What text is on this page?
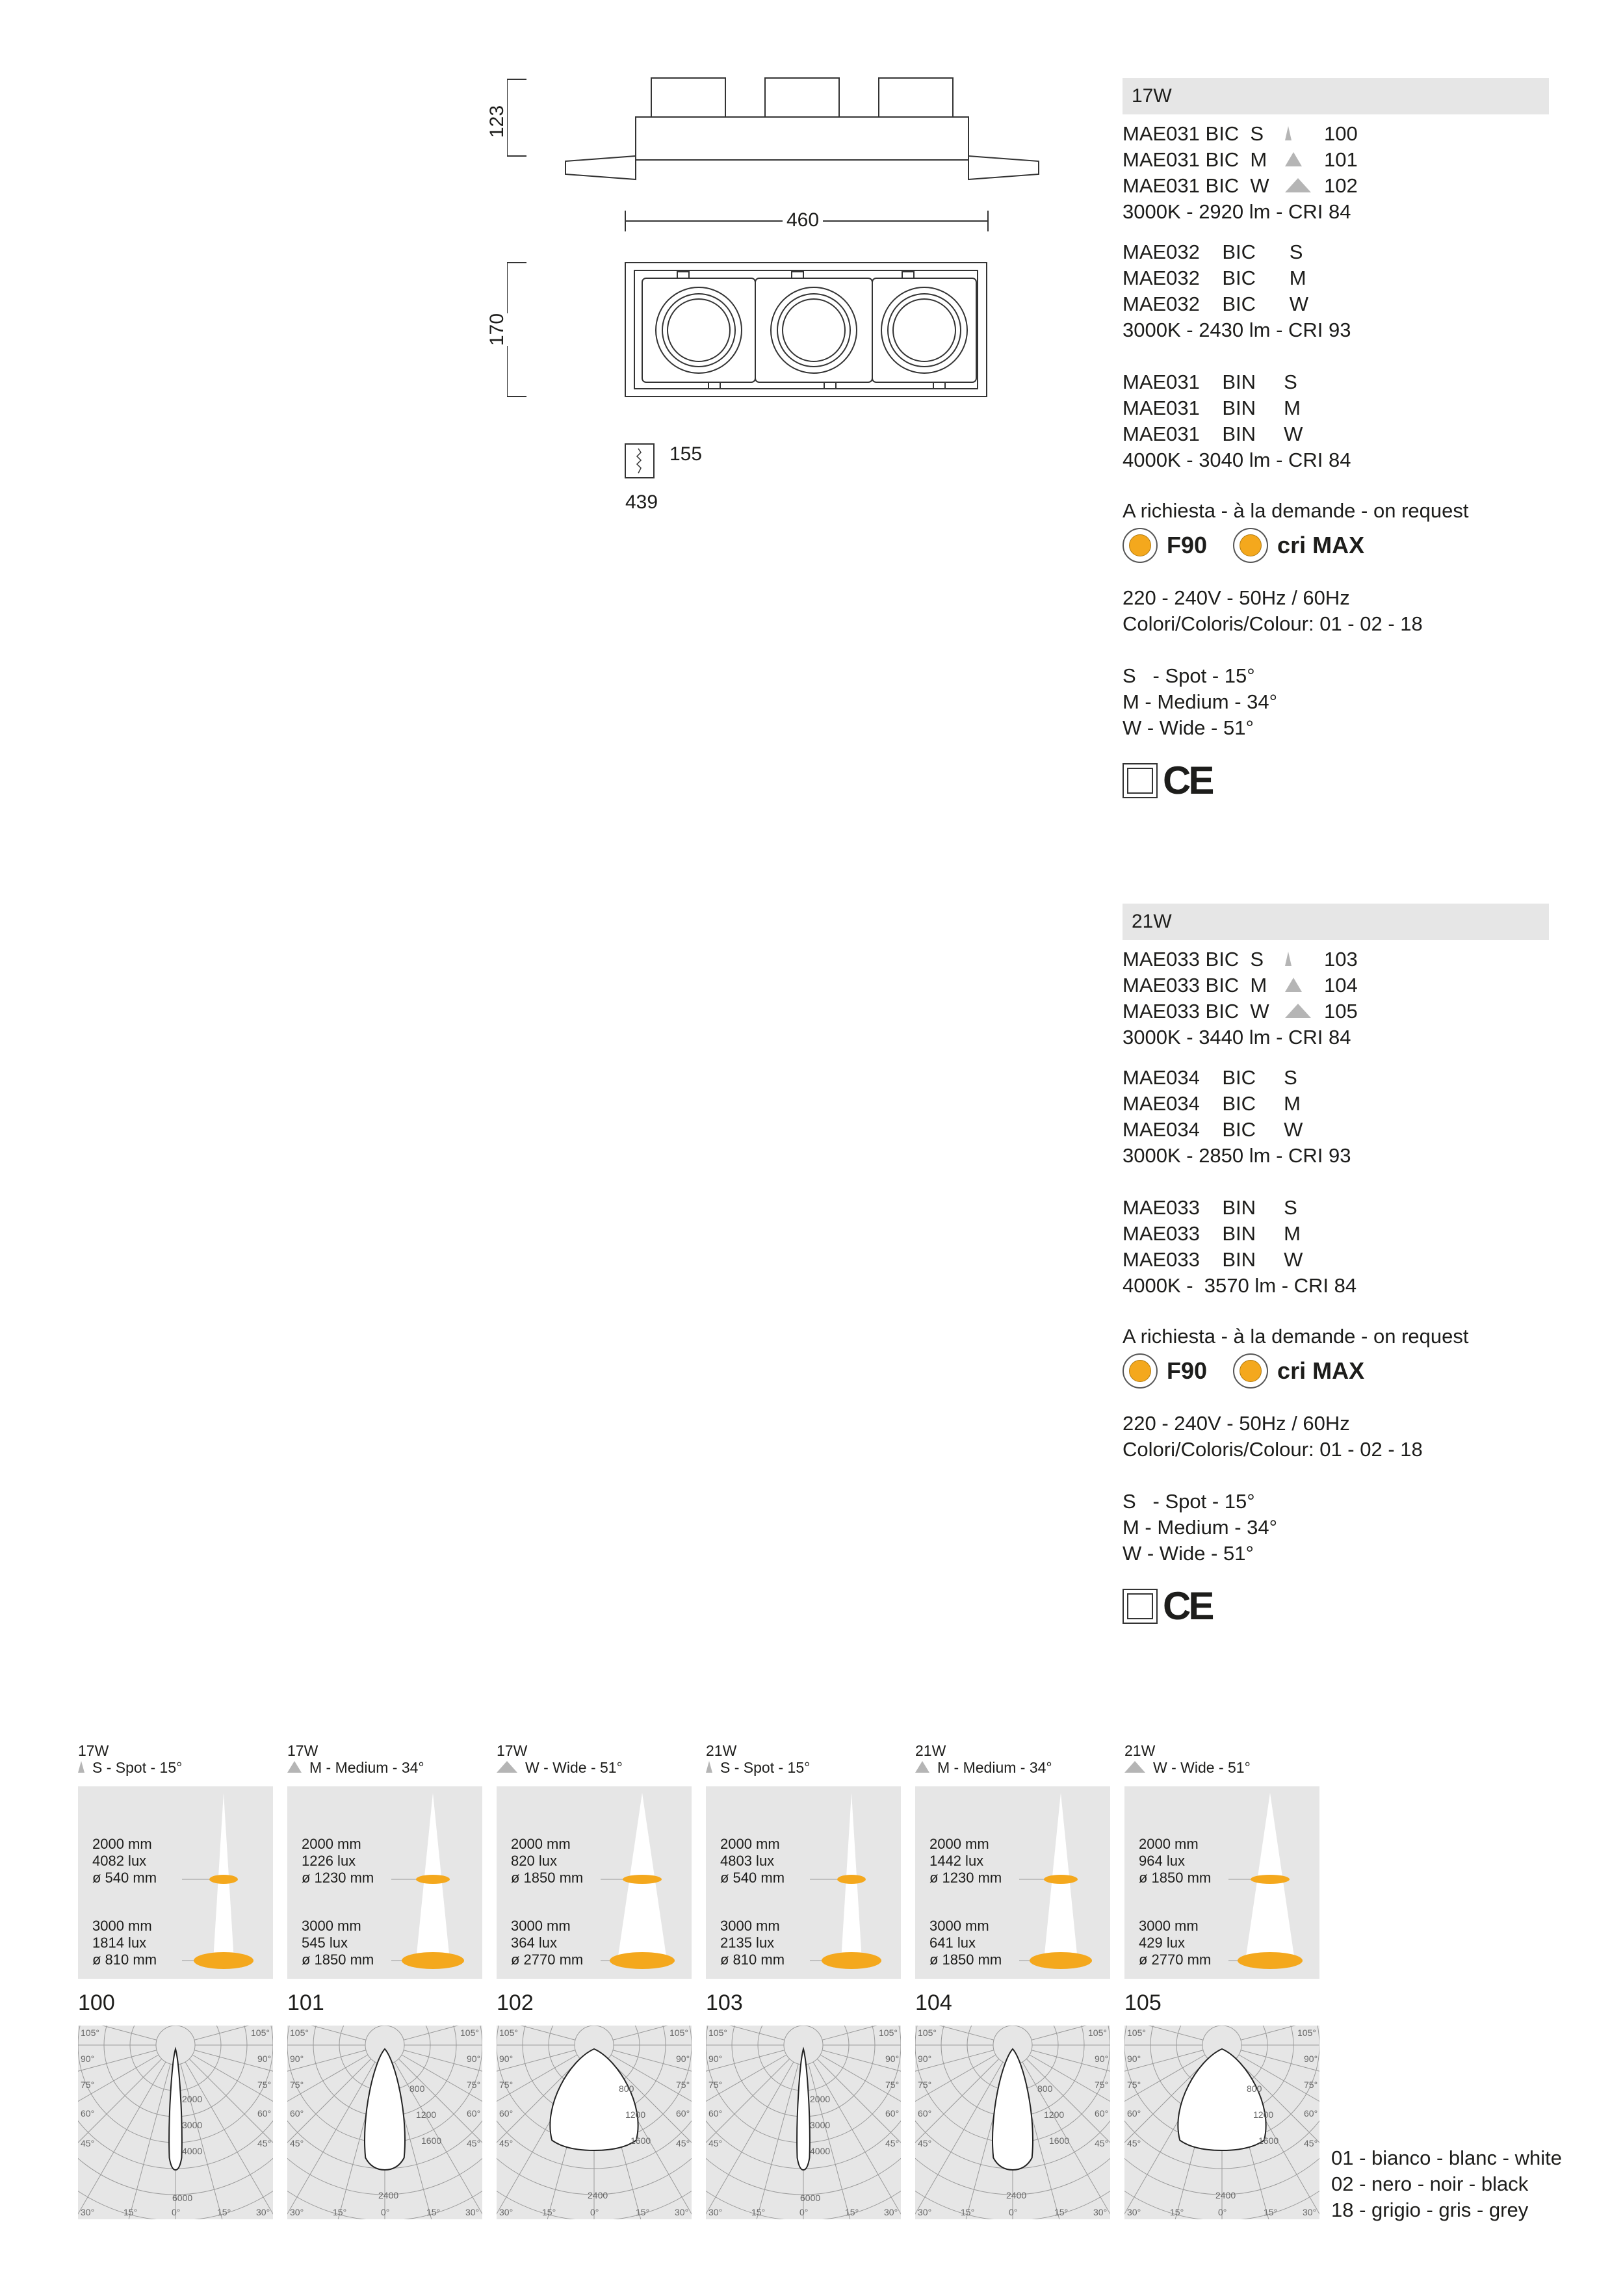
123
460
170
155
439
17W
MAE031 BIC  S	100
MAE031 BIC  M	101
MAE031 BIC  W	102
3000K - 2920 lm - CRI 84
MAE032    BIC      S
MAE032    BIC      M
MAE032    BIC      W
3000K - 2430 lm - CRI 93
MAE031    BIN     S
MAE031    BIN     M
MAE031    BIN     W
4000K - 3040 lm - CRI 84
A richiesta - à la demande - on request
F90	cri MAX
220 - 240V - 50Hz / 60Hz
Colori/Coloris/Colour: 01 - 02 - 18
S   - Spot - 15°
M - Medium - 34°
W - Wide - 51°
CE
21W
MAE033 BIC  S	103
MAE033 BIC  M	104
MAE033 BIC  W	105
3000K - 3440 lm - CRI 84
MAE034    BIC     S
MAE034    BIC     M
MAE034    BIC     W
3000K - 2850 lm - CRI 93
MAE033    BIN     S
MAE033    BIN     M
MAE033    BIN     W
4000K -  3570 lm - CRI 84
A richiesta - à la demande - on request
F90	cri MAX
220 - 240V - 50Hz / 60Hz
Colori/Coloris/Colour: 01 - 02 - 18
S   - Spot - 15°
M - Medium - 34°
W - Wide - 51°
CE
17W
S - Spot - 15°
2000 mm
4082 lux
ø 540 mm
3000 mm
1814 lux
ø 810 mm
100
2000
3000
4000
6000
105°	105°
90°	90°
75°	75°
60°	60°
45°	45°
30°	15°	0°	15°	30°
17W
M - Medium - 34°
2000 mm
1226 lux
ø 1230 mm
3000 mm
545 lux
ø 1850 mm
101
800
1200
1600
2400
105°	105°
90°	90°
75°	75°
60°	60°
45°	45°
30°	15°	0°	15°	30°
17W
W - Wide - 51°
2000 mm
820 lux
ø 1850 mm
3000 mm
364 lux
ø 2770 mm
102
800
1200
1600
2400
105°	105°
90°	90°
75°	75°
60°	60°
45°	45°
30°	15°	0°	15°	30°
21W
S - Spot - 15°
2000 mm
4803 lux
ø 540 mm
3000 mm
2135 lux
ø 810 mm
103
2000
3000
4000
6000
105°	105°
90°	90°
75°	75°
60°	60°
45°	45°
30°	15°	0°	15°	30°
21W
M - Medium - 34°
2000 mm
1442 lux
ø 1230 mm
3000 mm
641 lux
ø 1850 mm
104
800
1200
1600
2400
105°	105°
90°	90°
75°	75°
60°	60°
45°	45°
30°	15°	0°	15°	30°
21W
W - Wide - 51°
2000 mm
964 lux
ø 1850 mm
3000 mm
429 lux
ø 2770 mm
105
800
1200
1600
2400
105°	105°
90°	90°
75°	75°
60°	60°
45°	45°
30°	15°	0°	15°	30°
01 - bianco - blanc - white
02 - nero - noir - black
18 - grigio - gris - grey
